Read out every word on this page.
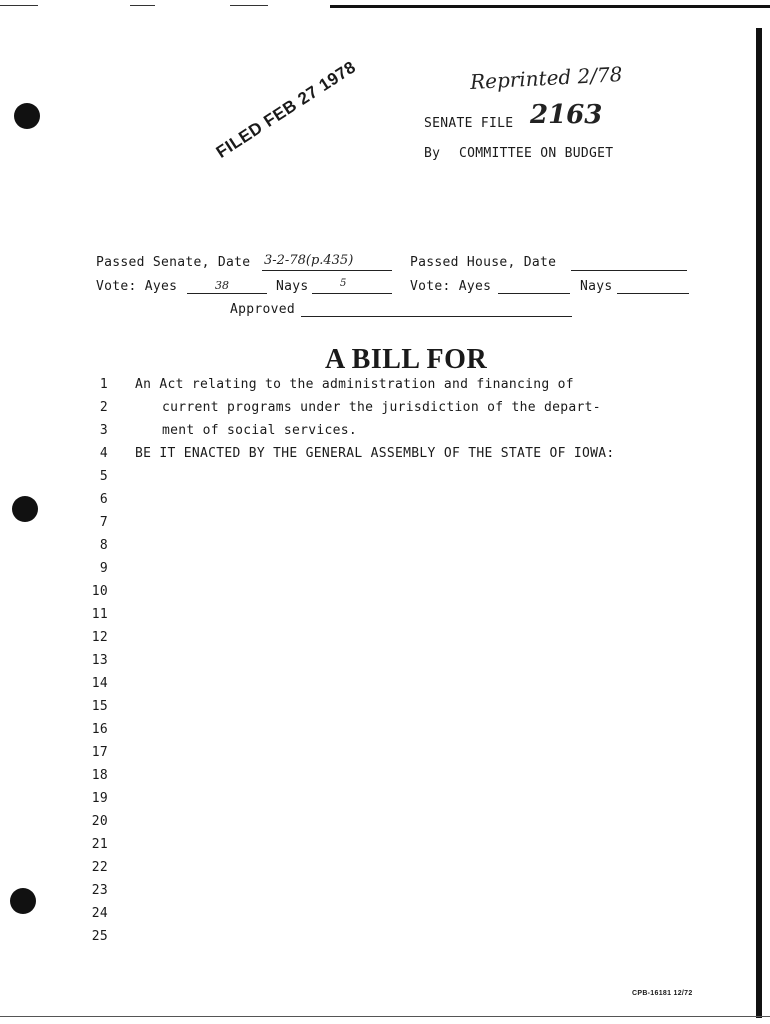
FILED FEB 27 1978	Reprinted 2/78
SENATE FILE 2163
By COMMITTEE ON BUDGET
Passed Senate, Date 3-2-78(p.435)	Passed House, Date
Vote: Ayes	38	Nays	5	Vote: Ayes	Nays
Approved
A BILL FOR
1 An Act relating to the administration and financing of
2	current programs under the jurisdiction of the depart-
3	ment of social services.
4 BE IT ENACTED BY THE GENERAL ASSEMBLY OF THE STATE OF IOWA:
5
6
7
8
9
10
11
12
13
14
15
16
17
18
19
20
21
22
23
24
25
CPB-16181 12/72
